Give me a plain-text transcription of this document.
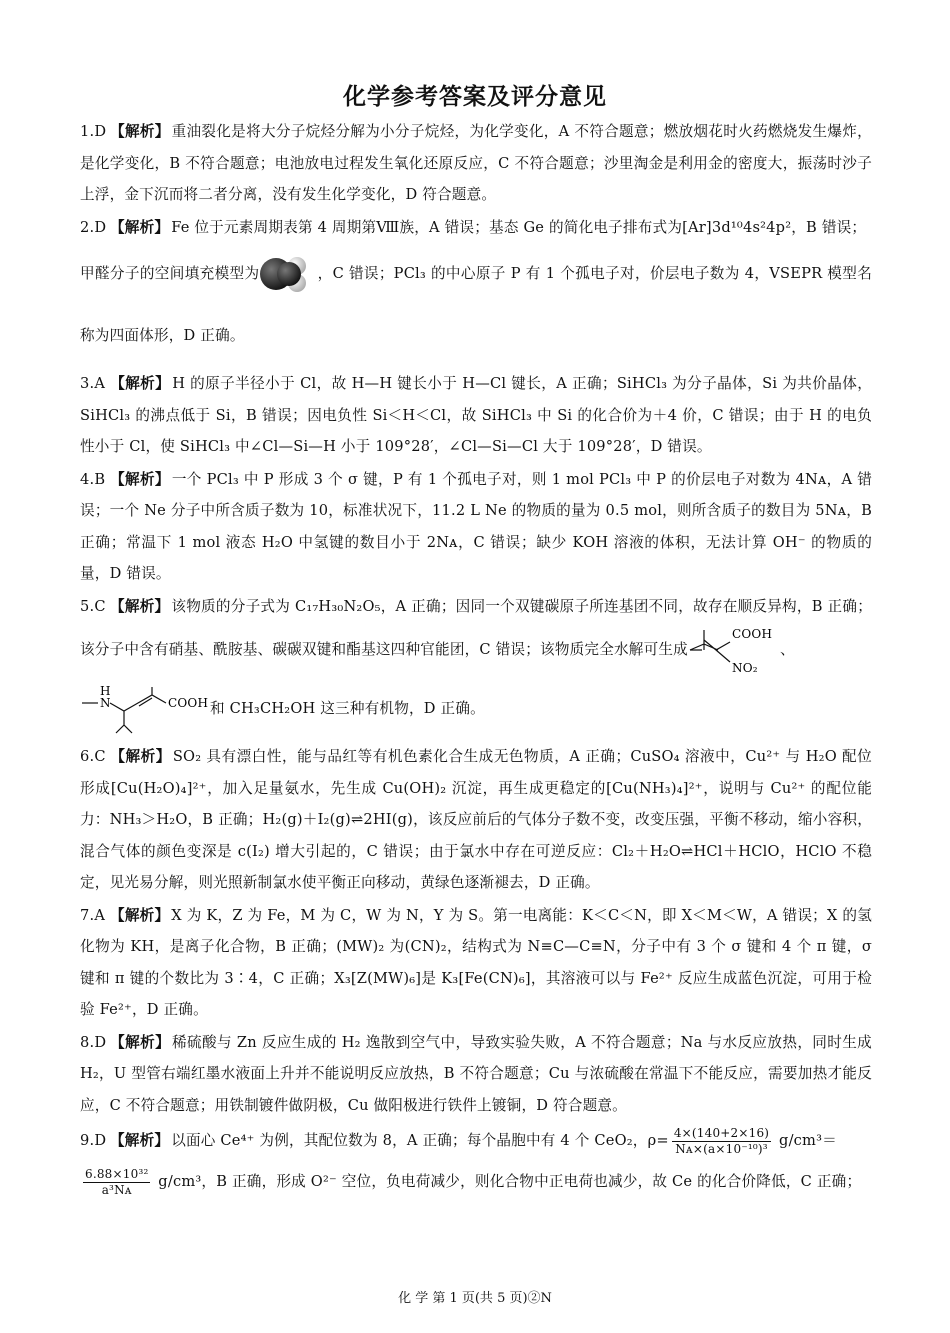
化学参考答案及评分意见
1.D 【解析】 重油裂化是将大分子烷烃分解为小分子烷烃，为化学变化，A 不符合题意；燃放烟花时火药燃烧发生爆炸，是化学变化，B 不符合题意；电池放电过程发生氧化还原反应，C 不符合题意；沙里淘金是利用金的密度大，振荡时沙子上浮，金下沉而将二者分离，没有发生化学变化，D 符合题意。
2.D 【解析】 Fe 位于元素周期表第 4 周期第Ⅷ族，A 错误；基态 Ge 的简化电子排布式为[Ar]3d¹⁰4s²4p²，B 错误；
甲醛分子的空间填充模型为	，C 错误；PCl₃ 的中心原子 P 有 1 个孤电子对，价层电子数为 4，VSEPR 模型名称为四面体形，D 正确。
3.A 【解析】 H 的原子半径小于 Cl，故 H—H 键长小于 H—Cl 键长，A 正确；SiHCl₃ 为分子晶体，Si 为共价晶体，SiHCl₃ 的沸点低于 Si，B 错误；因电负性 Si＜H＜Cl，故 SiHCl₃ 中 Si 的化合价为＋4 价，C 错误；由于 H 的电负性小于 Cl，使 SiHCl₃ 中∠Cl—Si—H 小于 109°28′，∠Cl—Si—Cl 大于 109°28′，D 错误。
4.B 【解析】 一个 PCl₃ 中 P 形成 3 个 σ 键，P 有 1 个孤电子对，则 1 mol PCl₃ 中 P 的价层电子对数为 4Nᴀ，A 错误；一个 Ne 分子中所含质子数为 10，标准状况下，11.2 L Ne 的物质的量为 0.5 mol，则所含质子的数目为 5Nᴀ，B 正确；常温下 1 mol 液态 H₂O 中氢键的数目小于 2Nᴀ，C 错误；缺少 KOH 溶液的体积，无法计算 OH⁻ 的物质的量，D 错误。
5.C 【解析】 该物质的分子式为 C₁₇H₃₀N₂O₅，A 正确；因同一个双键碳原子所连基团不同，故存在顺反异构，B 正确；该分子中含有硝基、酰胺基、碳碳双键和酯基这四种官能团，C 错误；该物质完全水解可生成
COOH
NO₂
、
H
N	COOH 和 CH₃CH₂OH 这三种有机物，D 正确。
6.C 【解析】 SO₂ 具有漂白性，能与品红等有机色素化合生成无色物质，A 正确；CuSO₄ 溶液中，Cu²⁺ 与 H₂O 配位形成[Cu(H₂O)₄]²⁺，加入足量氨水，先生成 Cu(OH)₂ 沉淀，再生成更稳定的[Cu(NH₃)₄]²⁺，说明与 Cu²⁺ 的配位能力：NH₃＞H₂O，B 正确；H₂(g)＋I₂(g)⇌2HI(g)，该反应前后的气体分子数不变，改变压强，平衡不移动，缩小容积，混合气体的颜色变深是 c(I₂) 增大引起的，C 错误；由于氯水中存在可逆反应：Cl₂＋H₂O⇌HCl＋HClO，HClO 不稳定，见光易分解，则光照新制氯水使平衡正向移动，黄绿色逐渐褪去，D 正确。
7.A 【解析】 X 为 K，Z 为 Fe，M 为 C，W 为 N，Y 为 S。第一电离能：K＜C＜N，即 X＜M＜W，A 错误；X 的氢化物为 KH，是离子化合物，B 正确；(MW)₂ 为(CN)₂，结构式为 N≡C—C≡N，分子中有 3 个 σ 键和 4 个 π 键，σ 键和 π 键的个数比为 3∶4，C 正确；X₃[Z(MW)₆]是 K₃[Fe(CN)₆]，其溶液可以与 Fe²⁺ 反应生成蓝色沉淀，可用于检验 Fe²⁺，D 正确。
8.D 【解析】 稀硫酸与 Zn 反应生成的 H₂ 逸散到空气中，导致实验失败，A 不符合题意；Na 与水反应放热，同时生成 H₂，U 型管右端红墨水液面上升并不能说明反应放热，B 不符合题意；Cu 与浓硫酸在常温下不能反应，需要加热才能反应，C 不符合题意；用铁制镀件做阴极，Cu 做阳极进行铁件上镀铜，D 符合题意。
9.D 【解析】 以面心 Ce⁴⁺ 为例，其配位数为 8，A 正确；每个晶胞中有 4 个 CeO₂，$\rho= \frac{4\times(140+2\times 16)}{\text{Nᴀ×(a×10⁻¹⁰)³}} g/cm^3=$
$\frac{\text{6.88×10³²}}{\text{a³Nᴀ}} g/cm^3$，B 正确，形成 O²⁻ 空位，负电荷减少，则化合物中正电荷也减少，故 Ce 的化合价降低，C 正确；
化 学 第 1 页(共 5 页)②N
